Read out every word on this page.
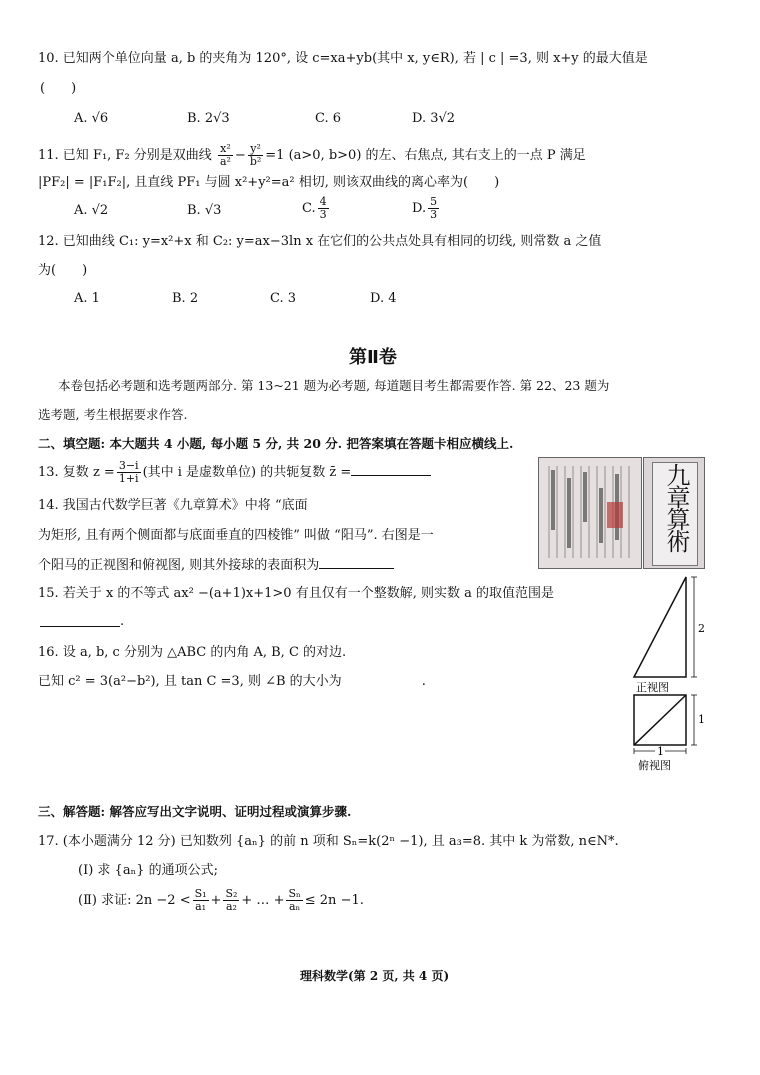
10. 已知两个单位向量 a, b 的夹角为 120°, 设 c=xa+yb(其中 x, y∈R), 若 | c | =3, 则 x+y 的最大值是
(　　)
A. √6	B. 2√3	C. 6	D. 3√2
11. 已知 F₁, F₂ 分别是双曲线 $\frac{\text{x²}}{\text{a²}} - \frac{\text{y²}}{\text{b²}} =1$ (a>0, b>0) 的左、右焦点, 其右支上的一点 P 满足
|PF₂| = |F₁F₂|, 且直线 PF₁ 与圆 x²+y²=a² 相切, 则该双曲线的离心率为(　　)
A. √2	B. √3	C. $\frac{4}{3}$	D. $\frac{5}{3}$
12. 已知曲线 C₁: y=x²+x 和 C₂: y=ax−3ln x 在它们的公共点处具有相同的切线, 则常数 a 之值
为(　　)
A. 1	B. 2	C. 3	D. 4
第Ⅱ卷
本卷包括必考题和选考题两部分. 第 13~21 题为必考题, 每道题目考生都需要作答. 第 22、23 题为
选考题, 考生根据要求作答.
二、填空题: 本大题共 4 小题, 每小题 5 分, 共 20 分. 把答案填在答题卡相应横线上.
13. 复数 $z = \frac{3-i}{1+i}$ (其中 i 是虚数单位) 的共轭复数 z̄ =
14. 我国古代数学巨著《九章算术》中将 “底面
为矩形, 且有两个侧面都与底面垂直的四棱锥” 叫做 “阳马”. 右图是一
个阳马的正视图和俯视图, 则其外接球的表面积为
九章算術
15. 若关于 x 的不等式 ax² −(a+1)x+1>0 有且仅有一个整数解, 则实数 a 的取值范围是
.
16. 设 a, b, c 分别为 △ABC 的内角 A, B, C 的对边.
已知 c² = 3(a²−b²), 且 tan C =3, 则 ∠B 的大小为	.
2
正视图
1
1
俯视图
三、解答题: 解答应写出文字说明、证明过程或演算步骤.
17. (本小题满分 12 分) 已知数列 {aₙ} 的前 n 项和 Sₙ=k(2ⁿ −1), 且 a₃=8. 其中 k 为常数, n∈N*.
(Ⅰ) 求 {aₙ} 的通项公式;
(Ⅱ) 求证: $2n -2 < \frac{\text{S₁}}{\text{a₁}} + \frac{\text{S₂}}{\text{a₂}}$ + … + $\frac{\text{Sₙ}}{\text{aₙ}} \le 2n -1$.
理科数学(第 2 页, 共 4 页)
